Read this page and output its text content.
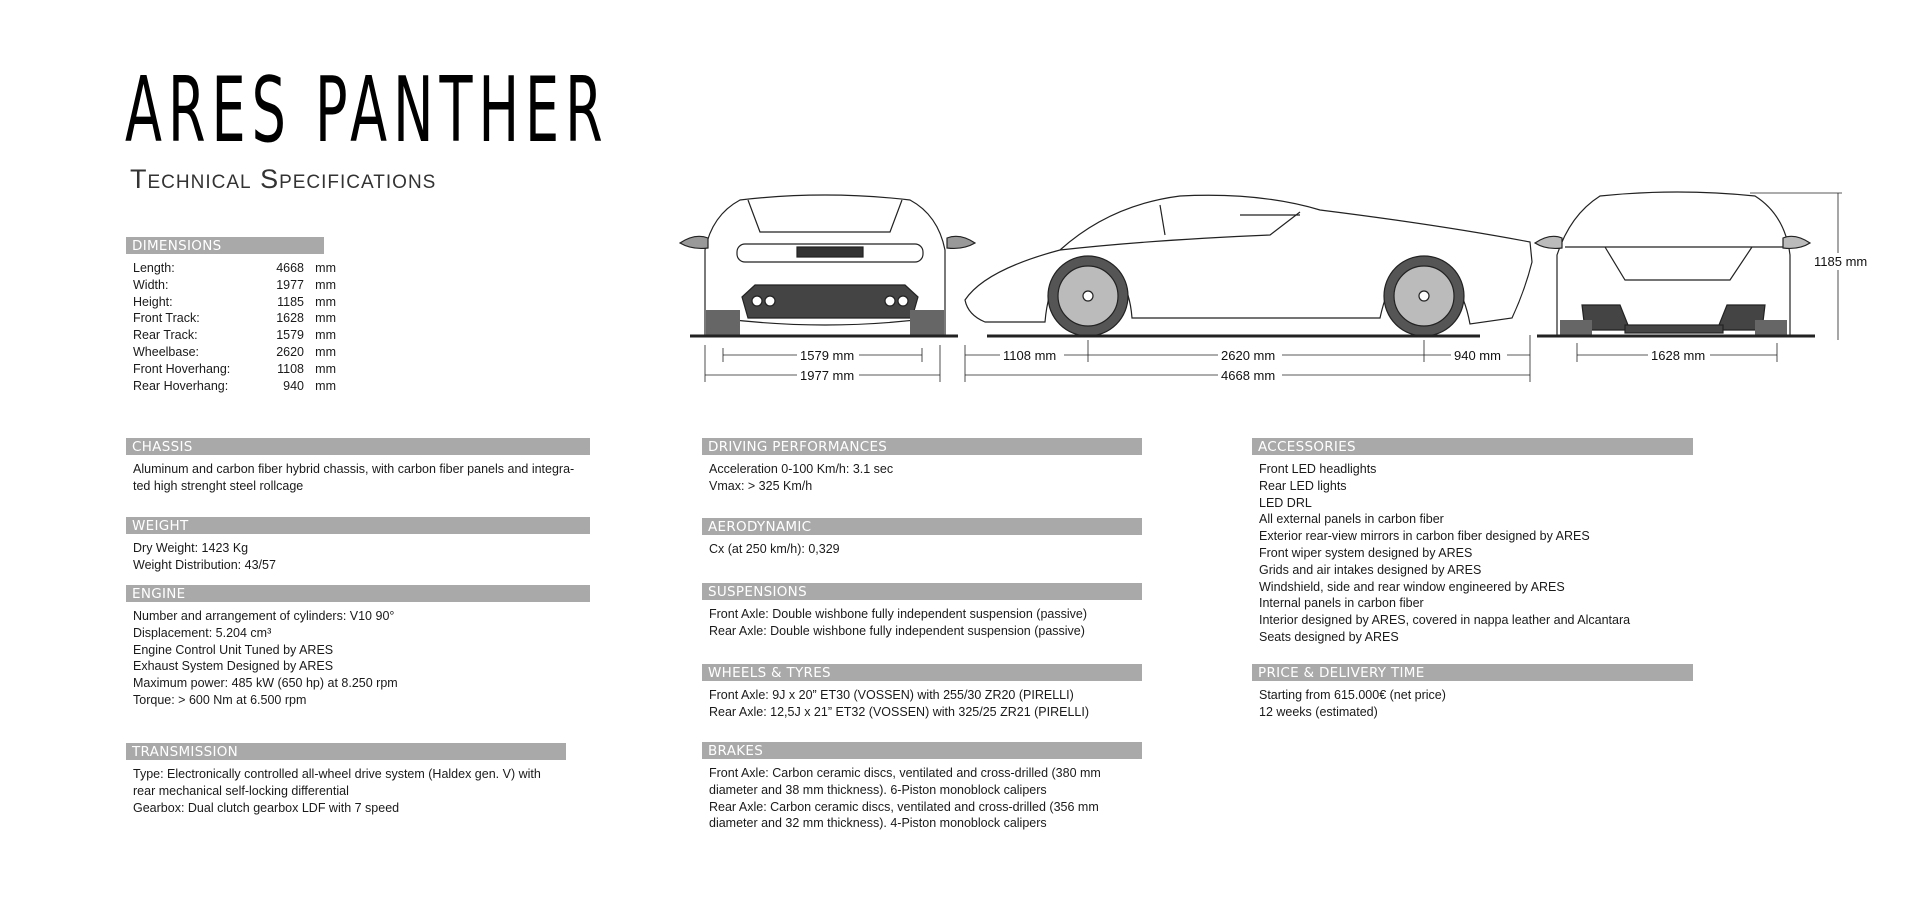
ARES PANTHER
Technical Specifications
1579 mm
1977 mm
1108 mm	2620 mm	940 mm
4668 mm
1628 mm
1185 mm
DIMENSIONS
Length:	4668 mm
Width:	1977 mm
Height:	1185 mm
Front Track:	1628 mm
Rear Track:	1579 mm
Wheelbase:	2620 mm
Front Hoverhang:	1108 mm
Rear Hoverhang:	940 mm
CHASSIS
Aluminum and carbon fiber hybrid chassis, with carbon fiber panels and integra-
ted high strenght steel rollcage
WEIGHT
Dry Weight: 1423 Kg
Weight Distribution: 43/57
ENGINE
Number and arrangement of cylinders: V10 90°
Displacement: 5.204 cm³
Engine Control Unit Tuned by ARES
Exhaust System Designed by ARES
Maximum power: 485 kW (650 hp) at 8.250 rpm
Torque: > 600 Nm at 6.500 rpm
TRANSMISSION
Type: Electronically controlled all-wheel drive system (Haldex gen. V) with
rear mechanical self-locking differential
Gearbox: Dual clutch gearbox LDF with 7 speed
DRIVING PERFORMANCES
Acceleration 0-100 Km/h: 3.1 sec
Vmax: > 325 Km/h
AERODYNAMIC
Cx (at 250 km/h): 0,329
SUSPENSIONS
Front Axle: Double wishbone fully independent suspension (passive)
Rear Axle: Double wishbone fully independent suspension (passive)
WHEELS & TYRES
Front Axle: 9J x 20” ET30 (VOSSEN) with 255/30 ZR20 (PIRELLI)
Rear Axle: 12,5J x 21” ET32 (VOSSEN) with 325/25 ZR21 (PIRELLI)
BRAKES
Front Axle: Carbon ceramic discs, ventilated and cross-drilled (380 mm
diameter and 38 mm thickness). 6-Piston monoblock calipers
Rear Axle: Carbon ceramic discs, ventilated and cross-drilled (356 mm
diameter and 32 mm thickness). 4-Piston monoblock calipers
ACCESSORIES
Front LED headlights
Rear LED lights
LED DRL
All external panels in carbon fiber
Exterior rear-view mirrors in carbon fiber designed by ARES
Front wiper system designed by ARES
Grids and air intakes designed by ARES
Windshield, side and rear window engineered by ARES
Internal panels in carbon fiber
Interior designed by ARES, covered in nappa leather and Alcantara
Seats designed by ARES
PRICE & DELIVERY TIME
Starting from 615.000€ (net price)
12 weeks (estimated)
